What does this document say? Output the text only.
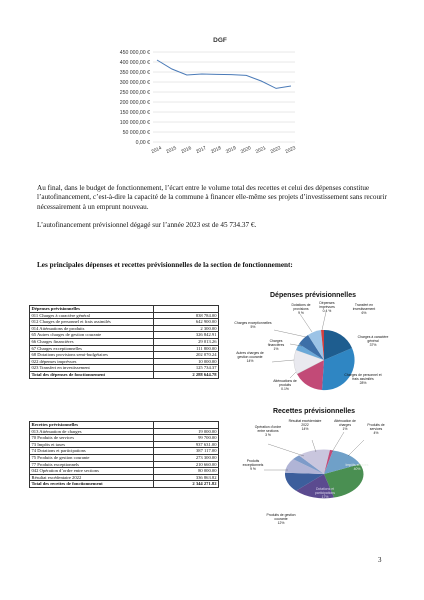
DGF
450 000,00 €
400 000,00 €
350 000,00 €
300 000,00 €
250 000,00 €
200 000,00 €
150 000,00 €
100 000,00 €
50 000,00 €
0,00 €
2014 2015 2016 2017 2018 2019 2020 2021 2022 2023
Au final, dans le budget de fonctionnement, l’écart entre le volume total des recettes et celui des dépenses constitue l’autofinancement, c’est-à-dire la capacité de la commune à financer elle-même ses projets d’investissement sans recourir nécessairement à un emprunt nouveau.
L’autofinancement prévisionnel dégagé sur l’année 2023 est de 45 734.37 €.
Les principales dépenses et recettes prévisionnelles de la section de fonctionnement:
Dépenses prévisionnelles	
011 Charges à caractère général	838 784.00
012 Charges de personnel et frais assimilés	642 900.00
014 Atténuations de produits	2 300.00
65 Autres charges de gestion courante	326 842.91
66 Charges financières	29 013.26
67 Charges exceptionnelles	111 800.00
68 Dotations provisions semi-budgétaires	202 070.24
022 dépenses imprévues	10 000.00
023 Transfert en investissement	125 734.37
Total des dépenses de fonctionnement	2 288 644.78
Recettes prévisionnelles	
013 Atténuation de charges	19 000.00
70 Produits de services	99 700.00
73 Impôts et taxes	937 631.00
74 Dotations et participations	387 117.00
75 Produits de gestion courante	273 300.00
77 Produits exceptionnels	210 660.00
042 Opération d’ordre entre sections	80 000.00
Résultat excédentaire 2022	336 863.82
Total des recettes de fonctionnement	2 344 271.82
Dépenses prévisionnelles
Dotations de provisions
9 %
Dépenses imprévues
0.4 %
Transfert en investissement
6%
Charges exceptionnelles
5%
Charges financières
1%
Autres charges de gestion courante
14%
Atténuations de produits
0.1%
Charges de personnel et frais assimilés
28%
Charges à caractère général
37%
Recettes prévisionnelles
Opération d’ordre entre sections
3 %
Résultat excédentaire 2022
14%
Atténuation de charges
1%
Produits de services
4%
Produits exceptionnels
9 %
Impôts et taxes
40%
Dotations et participations
17%
Produits de gestion courante
12%
3
